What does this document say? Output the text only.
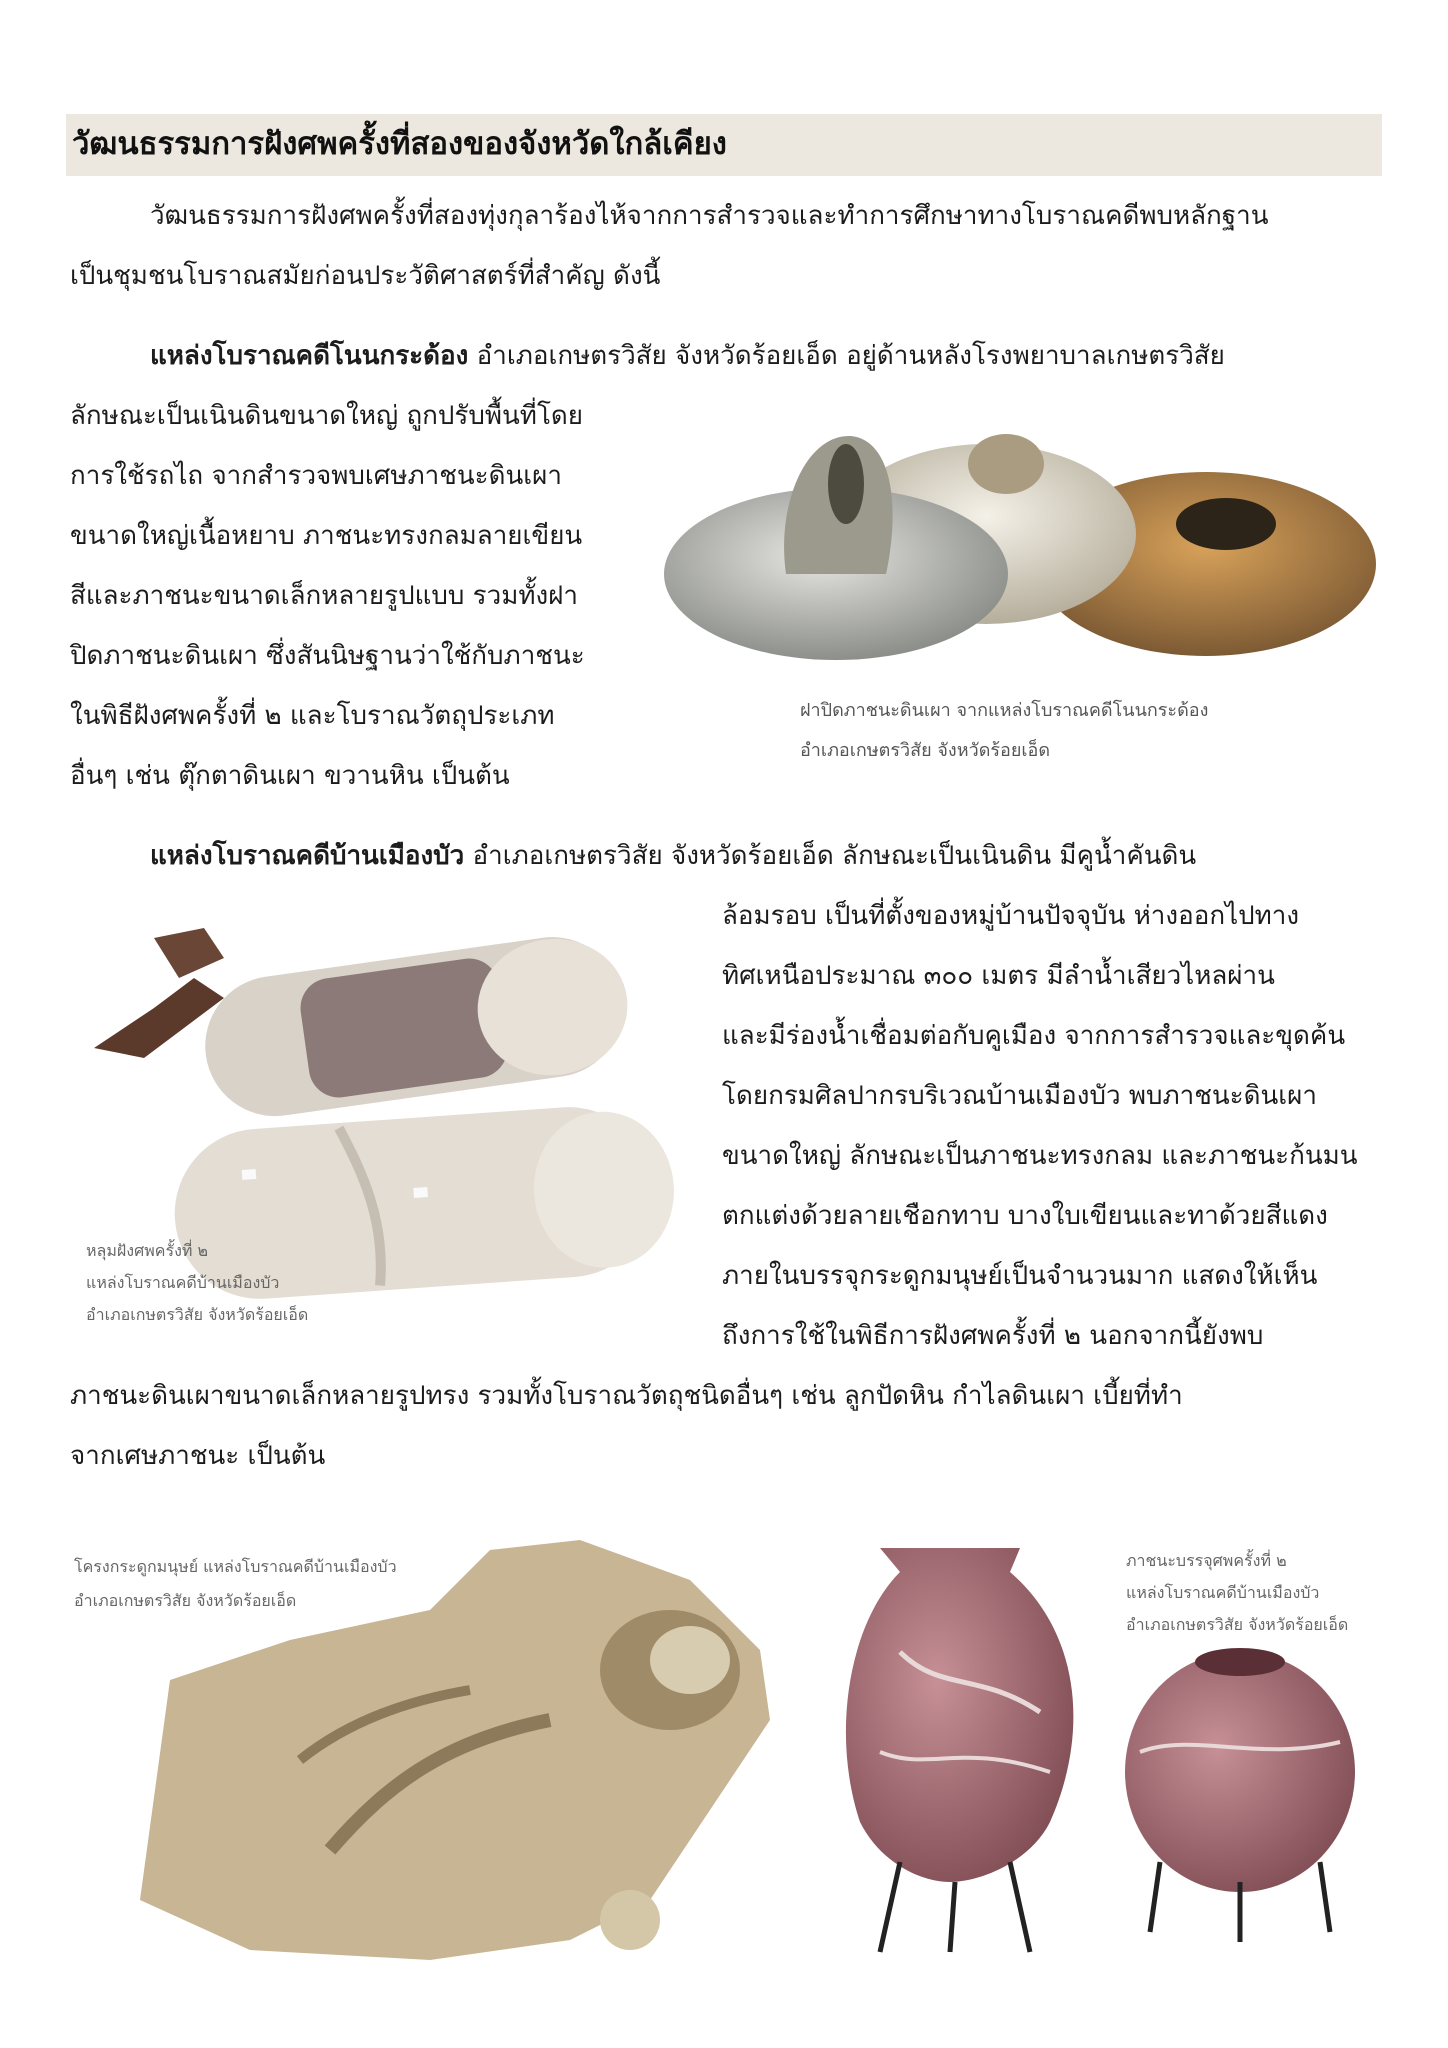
วัฒนธรรมการฝังศพครั้งที่สองของจังหวัดใกล้เคียง
วัฒนธรรมการฝังศพครั้งที่สองทุ่งกุลาร้องไห้จากการสำรวจและทำการศึกษาทางโบราณคดีพบหลักฐาน
เป็นชุมชนโบราณสมัยก่อนประวัติศาสตร์ที่สำคัญ ดังนี้
แหล่งโบราณคดีโนนกระด้อง อำเภอเกษตรวิสัย จังหวัดร้อยเอ็ด อยู่ด้านหลังโรงพยาบาลเกษตรวิสัย
ลักษณะเป็นเนินดินขนาดใหญ่ ถูกปรับพื้นที่โดย
การใช้รถไถ จากสำรวจพบเศษภาชนะดินเผา
ขนาดใหญ่เนื้อหยาบ ภาชนะทรงกลมลายเขียน
สีและภาชนะขนาดเล็กหลายรูปแบบ รวมทั้งฝา
ปิดภาชนะดินเผา ซึ่งสันนิษฐานว่าใช้กับภาชนะ
ในพิธีฝังศพครั้งที่ ๒ และโบราณวัตถุประเภท
อื่นๆ เช่น ตุ๊กตาดินเผา ขวานหิน เป็นต้น
ฝาปิดภาชนะดินเผา จากแหล่งโบราณคดีโนนกระด้อง
อำเภอเกษตรวิสัย จังหวัดร้อยเอ็ด
แหล่งโบราณคดีบ้านเมืองบัว อำเภอเกษตรวิสัย จังหวัดร้อยเอ็ด ลักษณะเป็นเนินดิน มีคูน้ำคันดิน
ล้อมรอบ เป็นที่ตั้งของหมู่บ้านปัจจุบัน ห่างออกไปทาง
ทิศเหนือประมาณ ๓๐๐ เมตร มีลำน้ำเสียวไหลผ่าน
และมีร่องน้ำเชื่อมต่อกับคูเมือง จากการสำรวจและขุดค้น
โดยกรมศิลปากรบริเวณบ้านเมืองบัว พบภาชนะดินเผา
ขนาดใหญ่ ลักษณะเป็นภาชนะทรงกลม และภาชนะก้นมน
ตกแต่งด้วยลายเชือกทาบ บางใบเขียนและทาด้วยสีแดง
ภายในบรรจุกระดูกมนุษย์เป็นจำนวนมาก แสดงให้เห็น
ถึงการใช้ในพิธีการฝังศพครั้งที่ ๒ นอกจากนี้ยังพบ
ภาชนะดินเผาขนาดเล็กหลายรูปทรง รวมทั้งโบราณวัตถุชนิดอื่นๆ เช่น ลูกปัดหิน กำไลดินเผา เบี้ยที่ทำ
จากเศษภาชนะ เป็นต้น
หลุมฝังศพครั้งที่ ๒
แหล่งโบราณคดีบ้านเมืองบัว
อำเภอเกษตรวิสัย จังหวัดร้อยเอ็ด
โครงกระดูกมนุษย์ แหล่งโบราณคดีบ้านเมืองบัว
อำเภอเกษตรวิสัย จังหวัดร้อยเอ็ด
ภาชนะบรรจุศพครั้งที่ ๒
แหล่งโบราณคดีบ้านเมืองบัว
อำเภอเกษตรวิสัย จังหวัดร้อยเอ็ด
